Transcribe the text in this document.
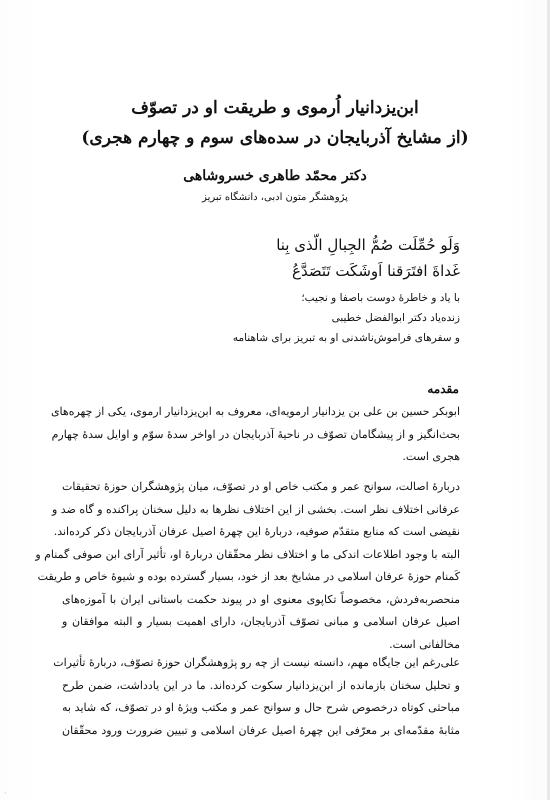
ابن‌یزدانیار اُرموی و طریقت او در تصوّف
(از مشایخ آذربایجان در سده‌های سوم و چهارم هجری)
دکتر محمّد طاهری خسروشاهی
پژوهشگر متون ادبی، دانشگاه تبریز
وَلَو حُمِّلَت صُمُّ الجِبالِ الّذی بِنا
غَداةَ افتَرَقنا اَوشَکَت تَتَصَدَّعُ
با یاد و خاطرهٔ دوست باصفا و نجیب؛
زنده‌یاد دکتر ابوالفضل خطیبی
و سفرهای فراموش‌ناشدنی او به تبریز برای شاهنامه
مقدمه
ابوبکر حسین بن علی بن یزدانیار ارمویه‌ای، معروف به ابن‌یزدانیار ارموی، یکی از چهره‌های
بحث‌انگیز و از پیشگامان تصوّف در ناحیهٔ آذربایجان در اواخر سدهٔ سوّم و اوایل سدهٔ چهارم
هجری است.
دربارهٔ اصالت، سوانح عمر و مکتب خاص او در تصوّف، میان پژوهشگران حوزهٔ تحقیقات
عرفانی اختلاف نظر است. بخشی از این اختلاف نظرها به دلیل سخنان پراکنده و گاه ضد و
نقیضی است که منابع متقدّم صوفیه، دربارهٔ این چهرهٔ اصیل عرفان آذربایجان ذکر کرده‌اند.
البته با وجود اطلاعات اندکی ما و اختلاف نظر محقّقان دربارهٔ او، تأثیر آرای ابن صوفی گمنام و
کَمنام حوزهٔ عرفان اسلامی در مشایخ بعد از خود، بسیار گسترده بوده و شیوهٔ خاص و طریقت
منحصربه‌فردش، مخصوصاً تکاپوی معنوی او در پیوند حکمت باستانی ایران با آموزه‌های
اصیل عرفان اسلامی و مبانی تصوّف آذربایجان، دارای اهمیت بسیار و البته موافقان و
مخالفانی است.
علی‌رغم این جایگاه مهم، دانسته نیست از چه رو پژوهشگران حوزهٔ تصوّف، دربارهٔ تأثیرات
و تحلیل سخنان بازمانده از ابن‌یزدانیار سکوت کرده‌اند. ما در این یادداشت، ضمن طرح
مباحثی کوتاه درخصوص شرح حال و سوانح عمر و مکتب ویژهٔ او در تصوّف، که شاید به
مثابهٔ مقدّمه‌ای بر معرّفی این چهرهٔ اصیل عرفان اسلامی و تبیین ضرورت ورود محقّقان
·
